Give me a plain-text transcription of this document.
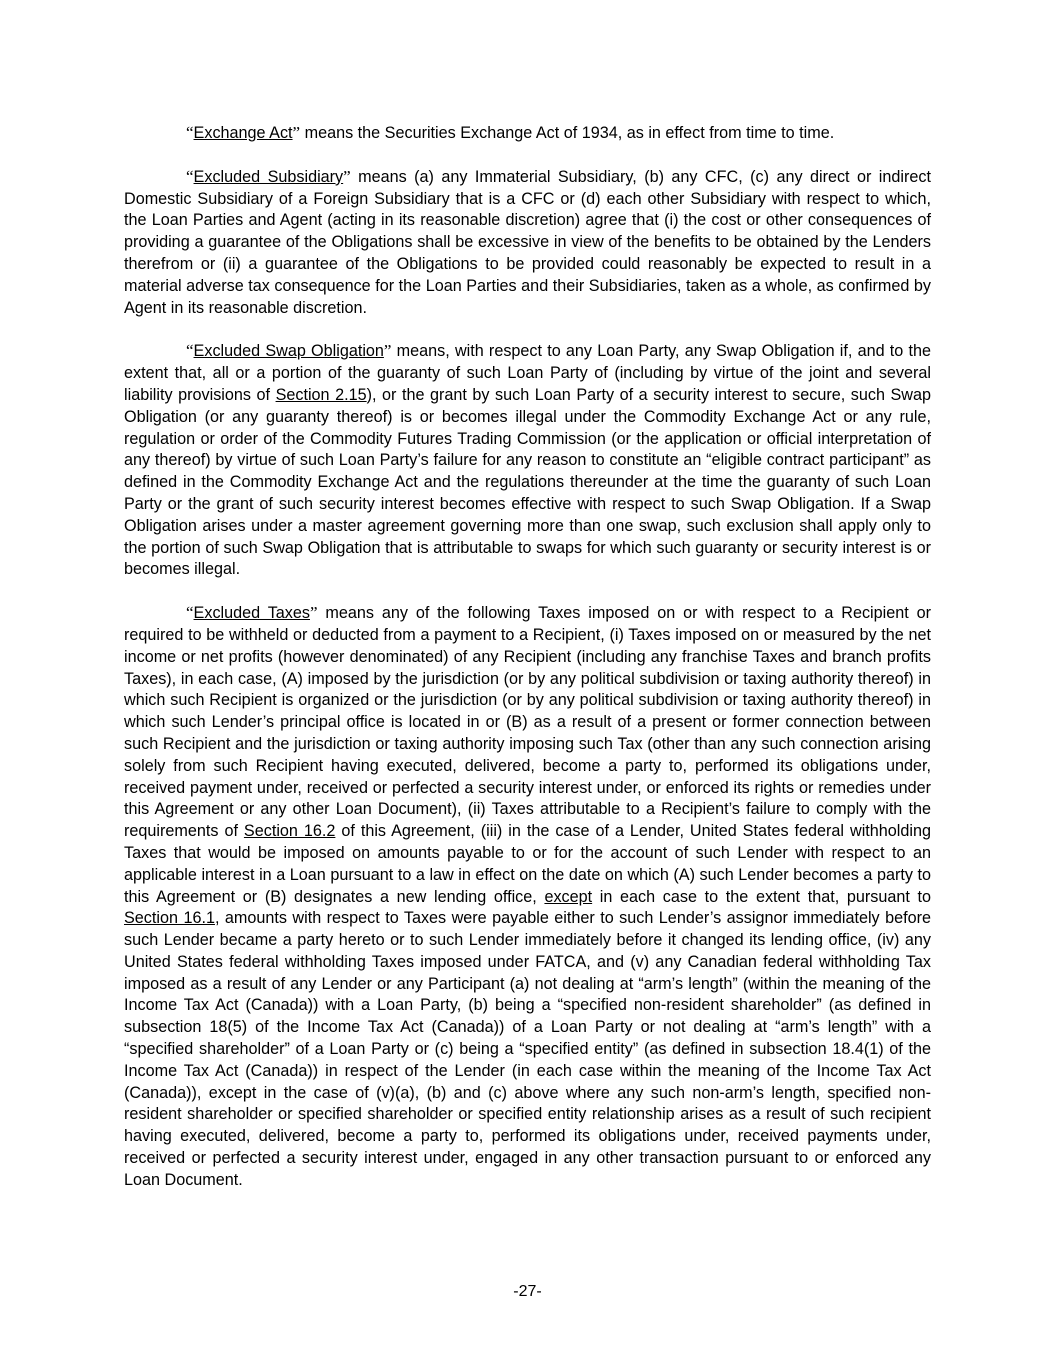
“Exchange Act” means the Securities Exchange Act of 1934, as in effect from time to time.

“Excluded Subsidiary” means (a) any Immaterial Subsidiary, (b) any CFC, (c) any direct or indirect Domestic Subsidiary of a Foreign Subsidiary that is a CFC or (d) each other Subsidiary with respect to which, the Loan Parties and Agent (acting in its reasonable discretion) agree that (i) the cost or other consequences of providing a guarantee of the Obligations shall be excessive in view of the benefits to be obtained by the Lenders therefrom or (ii) a guarantee of the Obligations to be provided could reasonably be expected to result in a material adverse tax consequence for the Loan Parties and their Subsidiaries, taken as a whole, as confirmed by Agent in its reasonable discretion.

“Excluded Swap Obligation” means, with respect to any Loan Party, any Swap Obligation if, and to the extent that, all or a portion of the guaranty of such Loan Party of (including by virtue of the joint and several liability provisions of Section 2.15), or the grant by such Loan Party of a security interest to secure, such Swap Obligation (or any guaranty thereof) is or becomes illegal under the Commodity Exchange Act or any rule, regulation or order of the Commodity Futures Trading Commission (or the application or official interpretation of any thereof) by virtue of such Loan Party’s failure for any reason to constitute an “eligible contract participant” as defined in the Commodity Exchange Act and the regulations thereunder at the time the guaranty of such Loan Party or the grant of such security interest becomes effective with respect to such Swap Obligation. If a Swap Obligation arises under a master agreement governing more than one swap, such exclusion shall apply only to the portion of such Swap Obligation that is attributable to swaps for which such guaranty or security interest is or becomes illegal.

“Excluded Taxes” means any of the following Taxes imposed on or with respect to a Recipient or required to be withheld or deducted from a payment to a Recipient, (i) Taxes imposed on or measured by the net income or net profits (however denominated) of any Recipient (including any franchise Taxes and branch profits Taxes), in each case, (A) imposed by the jurisdiction (or by any political subdivision or taxing authority thereof) in which such Recipient is organized or the jurisdiction (or by any political subdivision or taxing authority thereof) in which such Lender’s principal office is located in or (B) as a result of a present or former connection between such Recipient and the jurisdiction or taxing authority imposing such Tax (other than any such connection arising solely from such Recipient having executed, delivered, become a party to, performed its obligations under, received payment under, received or perfected a security interest under, or enforced its rights or remedies under this Agreement or any other Loan Document), (ii) Taxes attributable to a Recipient’s failure to comply with the requirements of Section 16.2 of this Agreement, (iii) in the case of a Lender, United States federal withholding Taxes that would be imposed on amounts payable to or for the account of such Lender with respect to an applicable interest in a Loan pursuant to a law in effect on the date on which (A) such Lender becomes a party to this Agreement or (B) designates a new lending office, except in each case to the extent that, pursuant to Section 16.1, amounts with respect to Taxes were payable either to such Lender’s assignor immediately before such Lender became a party hereto or to such Lender immediately before it changed its lending office, (iv) any United States federal withholding Taxes imposed under FATCA, and (v) any Canadian federal withholding Tax imposed as a result of any Lender or any Participant (a) not dealing at “arm’s length” (within the meaning of the Income Tax Act (Canada)) with a Loan Party, (b) being a “specified non-resident shareholder” (as defined in subsection 18(5) of the Income Tax Act (Canada)) of a Loan Party or not dealing at “arm’s length” with a “specified shareholder” of a Loan Party or (c) being a “specified entity” (as defined in subsection 18.4(1) of the Income Tax Act (Canada)) in respect of the Lender (in each case within the meaning of the Income Tax Act (Canada)), except in the case of (v)(a), (b) and (c) above where any such non-arm’s length, specified non-resident shareholder or specified shareholder or specified entity relationship arises as a result of such recipient having executed, delivered, become a party to, performed its obligations under, received payments under, received or perfected a security interest under, engaged in any other transaction pursuant to or enforced any Loan Document.

-27-
